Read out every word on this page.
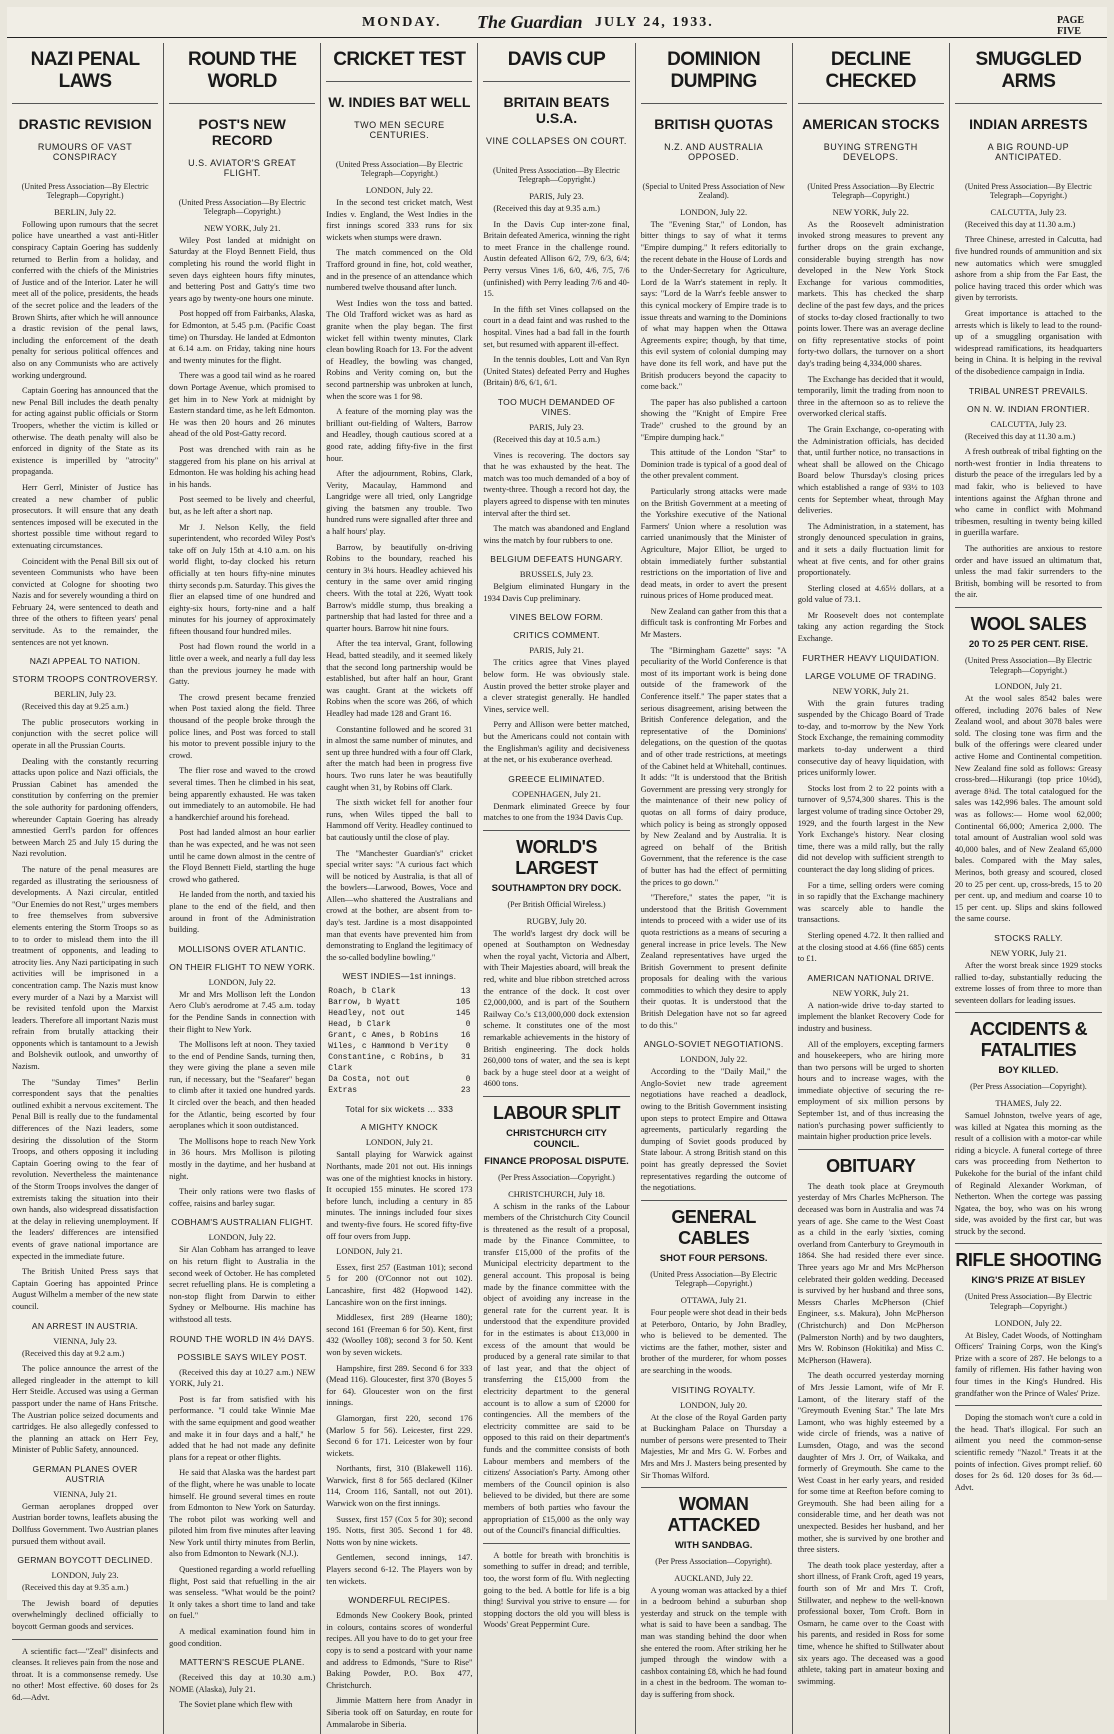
MONDAY. The Guardian JULY 24, 1933.	PAGE FIVE
NAZI PENAL LAWS
DRASTIC REVISION
RUMOURS OF VAST CONSPIRACY
(United Press Association—By Electric Telegraph—Copyright.)
BERLIN, July 22.

Following upon rumours that the secret police have unearthed a vast anti-Hitler conspiracy Captain Goering has suddenly returned to Berlin from a holiday, and conferred with the chiefs of the Ministries of Justice and of the Interior. Later he will meet all of the police, presidents, the heads of the secret police and the leaders of the Brown Shirts, after which he will announce a drastic revision of the penal laws, including the enforcement of the death penalty for serious political offences and also on any Communists who are actively working underground.

Captain Goering has announced that the new Penal Bill includes the death penalty for acting against public officials or Storm Troopers, whether the victim is killed or otherwise. The death penalty will also be enforced in dignity of the State as its existence is imperilled by "atrocity" propaganda.

Herr Gerrl, Minister of Justice has created a new chamber of public prosecutors. It will ensure that any death sentences imposed will be executed in the shortest possible time without regard to extenuating circumstances.

Coincident with the Penal Bill six out of seventeen Communists who have been convicted at Cologne for shooting two Nazis and for severely wounding a third on February 24, were sentenced to death and three of the others to fifteen years' penal servitude. As to the remainder, the sentences are not yet known.

NAZI APPEAL TO NATION.
STORM TROOPS CONTROVERSY.
BERLIN, July 23.

(Received this day at 9.25 a.m.)

The public prosecutors working in conjunction with the secret police will operate in all the Prussian Courts.

Dealing with the constantly recurring attacks upon police and Nazi officials, the Prussian Cabinet has amended the constitution by conferring on the premier the sole authority for pardoning offenders, whereunder Captain Goering has already amnestied Gerrl's pardon for offences between March 25 and July 15 during the Nazi revolution.

The nature of the penal measures are regarded as illustrating the seriousness of developments. A Nazi circular, entitled "Our Enemies do not Rest," urges members to free themselves from subversive elements entering the Storm Troops so as to to order to mislead them into the ill treatment of opponents, and leading to atrocity lies. Any Nazi participating in such activities will be imprisoned in a concentration camp. The Nazis must know every murder of a Nazi by a Marxist will be revisited tenfold upon the Marxist leaders. Therefore all important Nazis must refrain from brutally attacking their opponents which is tantamount to a Jewish and Bolshevik outlook, and unworthy of Nazism.

The "Sunday Times" Berlin correspondent says that the penalties outlined exhibit a nervous excitement. The Penal Bill is really due to the fundamental differences of the Nazi leaders, some desiring the dissolution of the Storm Troops, and others opposing it including Captain Goering owing to the fear of revolution. Nevertheless the maintenance of the Storm Troops involves the danger of extremists taking the situation into their own hands, also widespread dissatisfaction at the delay in relieving unemployment. If the leaders' differences are intensified events of grave national importance are expected in the immediate future.

The British United Press says that Captain Goering has appointed Prince August Wilhelm a member of the new state council.

AN ARREST IN AUSTRIA.
VIENNA, July 23.

(Received this day at 9.2 a.m.)

The police announce the arrest of the alleged ringleader in the attempt to kill Herr Steidle. Accused was using a German passport under the name of Hans Fritsche. The Austrian police seized documents and cartridges. He also allegedly confessed to the planning an attack on Herr Fey, Minister of Public Safety, announced.

GERMAN PLANES OVER AUSTRIA
VIENNA, July 21.

German aeroplanes dropped over Austrian border towns, leaflets abusing the Dollfuss Government. Two Austrian planes pursued them without avail.

GERMAN BOYCOTT DECLINED.
LONDON, July 23.

(Received this day at 9.35 a.m.)

The Jewish board of deputies overwhelmingly declined officially to boycott German goods and services.

A scientific fact—"Zeal" disinfects and cleanses. It relieves pain from the nose and throat. It is a commonsense remedy. Use no other! Most effective. 60 doses for 2s 6d.—Advt.

ROUND THE WORLD
POST'S NEW RECORD
U.S. AVIATOR'S GREAT FLIGHT.
(United Press Association—By Electric Telegraph—Copyright.)
NEW YORK, July 21.

Wiley Post landed at midnight on Saturday at the Floyd Bennett Field, thus completing his round the world flight in seven days eighteen hours fifty minutes, and bettering Post and Gatty's time two years ago by twenty-one hours one minute.

Post hopped off from Fairbanks, Alaska, for Edmonton, at 5.45 p.m. (Pacific Coast time) on Thursday. He landed at Edmonton at 6.14 a.m. on Friday, taking nine hours and twenty minutes for the flight.

There was a good tail wind as he roared down Portage Avenue, which promised to get him in to New York at midnight by Eastern standard time, as he left Edmonton. He was then 20 hours and 26 minutes ahead of the old Post-Gatty record.

Post was drenched with rain as he staggered from his plane on his arrival at Edmonton. He was holding his aching head in his hands.

Post seemed to be lively and cheerful, but, as he left after a short nap.

Mr J. Nelson Kelly, the field superintendent, who recorded Wiley Post's take off on July 15th at 4.10 a.m. on his world flight, to-day clocked his return officially at ten hours fifty-nine minutes thirty seconds p.m. Saturday. This gives the flier an elapsed time of one hundred and eighty-six hours, forty-nine and a half minutes for his journey of approximately fifteen thousand four hundred miles.

Post had flown round the world in a little over a week, and nearly a full day less than the previous journey he made with Gatty.

The crowd present became frenzied when Post taxied along the field. Three thousand of the people broke through the police lines, and Post was forced to stall his motor to prevent possible injury to the crowd.

The flier rose and waved to the crowd several times. Then he climbed in his seat, being apparently exhausted. He was taken out immediately to an automobile. He had a handkerchief around his forehead.

Post had landed almost an hour earlier than he was expected, and he was not seen until he came down almost in the centre of the Floyd Bennett Field, startling the huge crowd who gathered.

He landed from the north, and taxied his plane to the end of the field, and then around in front of the Administration building.

MOLLISONS OVER ATLANTIC.
ON THEIR FLIGHT TO NEW YORK.
LONDON, July 22.

Mr and Mrs Mollison left the London Aero Club's aerodrome at 7.45 a.m. today for the Pendine Sands in connection with their flight to New York.

The Mollisons left at noon. They taxied to the end of Pendine Sands, turning then, they were giving the plane a seven mile run, if necessary, but the "Seafarer" began to climb after it taxied one hundred yards. It circled over the beach, and then headed for the Atlantic, being escorted by four aeroplanes which it soon outdistanced.

The Mollisons hope to reach New York in 36 hours. Mrs Mollison is piloting mostly in the daytime, and her husband at night.

Their only rations were two flasks of coffee, raisins and barley sugar.

COBHAM'S AUSTRALIAN FLIGHT.
LONDON, July 22.

Sir Alan Cobham has arranged to leave on his return flight to Australia in the second week of October. He has completed secret refuelling plans. He is completing a non-stop flight from Darwin to either Sydney or Melbourne. His machine has withstood all tests.

ROUND THE WORLD IN 4½ DAYS.
POSSIBLE SAYS WILEY POST.

(Received this day at 10.27 a.m.) NEW YORK, July 21.

Post is far from satisfied with his performance. "I could take Winnie Mae with the same equipment and good weather and make it in four days and a half," he added that he had not made any definite plans for a repeat or other flights.

He said that Alaska was the hardest part of the flight, where he was unable to locate himself. He ground several times en route from Edmonton to New York on Saturday. The robot pilot was working well and piloted him from five minutes after leaving New York until thirty minutes from Berlin, also from Edmonton to Newark (N.J.).

Questioned regarding a world refuelling flight, Post said that refuelling in the air was senseless. "What would be the point? It only takes a short time to land and take on fuel."

A medical examination found him in good condition.

MATTERN'S RESCUE PLANE.

(Received this day at 10.30 a.m.) NOME (Alaska), July 21.

The Soviet plane which flew with

CRICKET TEST
W. INDIES BAT WELL
TWO MEN SECURE CENTURIES.
(United Press Association—By Electric Telegraph—Copyright.)
LONDON, July 22.

In the second test cricket match, West Indies v. England, the West Indies in the first innings scored 333 runs for six wickets when stumps were drawn.

The match commenced on the Old Trafford ground in fine, hot, cold weather, and in the presence of an attendance which numbered twelve thousand after lunch.

West Indies won the toss and batted. The Old Trafford wicket was as hard as granite when the play began. The first wicket fell within twenty minutes, Clark clean bowling Roach for 13. For the advent of Headley, the bowling was changed, Robins and Verity coming on, but the second partnership was unbroken at lunch, when the score was 1 for 98.

A feature of the morning play was the brilliant out-fielding of Walters, Barrow and Headley, though cautious scored at a good rate, adding fifty-five in the first hour.

After the adjournment, Robins, Clark, Verity, Macaulay, Hammond and Langridge were all tried, only Langridge giving the batsmen any trouble. Two hundred runs were signalled after three and a half hours' play.

Barrow, by beautifully on-driving Robins to the boundary, reached his century in 3¼ hours. Headley achieved his century in the same over amid ringing cheers. With the total at 226, Wyatt took Barrow's middle stump, thus breaking a partnership that had lasted for three and a quarter hours. Barrow hit nine fours.

After the tea interval, Grant, following Head, batted steadily, and it seemed likely that the second long partnership would be established, but after half an hour, Grant was caught. Grant at the wickets off Robins when the score was 266, of which Headley had made 128 and Grant 16.

Constantine followed and he scored 31 in almost the same number of minutes, and sent up three hundred with a four off Clark, after the match had been in progress five hours. Two runs later he was beautifully caught when 31, by Robins off Clark.

The sixth wicket fell for another four runs, when Wiles tipped the ball to Hammond off Verity. Headley continued to bat cautiously until the close of play.

The "Manchester Guardian's" cricket special writer says: "A curious fact which will be noticed by Australia, is that all of the bowlers—Larwood, Bowes, Voce and Allen—who shattered the Australians and crowd at the bother, are absent from to-day's test. Jardine is a most disappointed man that events have prevented him from demonstrating to England the legitimacy of the so-called bodyline bowling."

WEST INDIES—1st innings.
Roach, b Clark	13
Barrow, b Wyatt	105
Headley, not out	145
Head, b Clark	0
Grant, c Ames, b Robins	16
Wiles, c Hammond b Verity 0
Constantine, c Robins, b Clark
31
Da Costa, not out	0
Extras	23
Total for six wickets ... 333
A MIGHTY KNOCK
LONDON, July 21.

Santall playing for Warwick against Northants, made 201 not out. His innings was one of the mightiest knocks in history. It occupied 155 minutes. He scored 173 before lunch, including a century in 85 minutes. The innings included four sixes and twenty-five fours. He scored fifty-five off four overs from Jupp.

LONDON, July 21.

Essex, first 257 (Eastman 101); second 5 for 200 (O'Connor not out 102). Lancashire, first 482 (Hopwood 142). Lancashire won on the first innings.

Middlesex, first 289 (Hearne 180); second 161 (Freeman 6 for 50). Kent, first 432 (Woolley 108); second 3 for 50. Kent won by seven wickets.

Hampshire, first 289. Second 6 for 333 (Mead 116). Gloucester, first 370 (Boyes 5 for 64). Gloucester won on the first innings.

Glamorgan, first 220, second 176 (Marlow 5 for 56). Leicester, first 229. Second 6 for 171. Leicester won by four wickets.

Northants, first, 310 (Blakewell 116). Warwick, first 8 for 565 declared (Kilner 114, Croom 116, Santall, not out 201). Warwick won on the first innings.

Sussex, first 157 (Cox 5 for 30); second 195. Notts, first 305. Second 1 for 48. Notts won by nine wickets.

Gentlemen, second innings, 147. Players second 6-12. The Players won by ten wickets.

WONDERFUL RECIPES.

Edmonds New Cookery Book, printed in colours, contains scores of wonderful recipes. All you have to do to get your free copy is to send a postcard with your name and address to Edmonds, "Sure to Rise" Baking Powder, P.O. Box 477, Christchurch.

Jimmie Mattern here from Anadyr in Siberia took off on Saturday, en route for Ammalarobe in Siberia.

DAVIS CUP
BRITAIN BEATS U.S.A.
VINE COLLAPSES ON COURT.
(United Press Association—By Electric Telegraph—Copyright.)
PARIS, July 23.

(Received this day at 9.35 a.m.)

In the Davis Cup inter-zone final, Britain defeated America, winning the right to meet France in the challenge round. Austin defeated Allison 6/2, 7/9, 6/3, 6/4; Perry versus Vines 1/6, 6/0, 4/6, 7/5, 7/6 (unfinished) with Perry leading 7/6 and 40-15.

In the fifth set Vines collapsed on the court in a dead faint and was rushed to the hospital. Vines had a bad fall in the fourth set, but resumed with apparent ill-effect.

In the tennis doubles, Lott and Van Ryn (United States) defeated Perry and Hughes (Britain) 8/6, 6/1, 6/1.

TOO MUCH DEMANDED OF VINES.
PARIS, July 23.

(Received this day at 10.5 a.m.)

Vines is recovering. The doctors say that he was exhausted by the heat. The match was too much demanded of a boy of twenty-three. Though a record hot day, the players agreed to dispense with ten minutes interval after the third set.

The match was abandoned and England wins the match by four rubbers to one.

BELGIUM DEFEATS HUNGARY.
BRUSSELS, July 23.

Belgium eliminated Hungary in the 1934 Davis Cup preliminary.

VINES BELOW FORM.
CRITICS COMMENT.
PARIS, July 21.

The critics agree that Vines played below form. He was obviously stale. Austin proved the better stroke player and a clever strategist generally. He handled Vines, service well.

Perry and Allison were better matched, but the Americans could not contain with the Englishman's agility and decisiveness at the net, or his exuberance overhead.

GREECE ELIMINATED.
COPENHAGEN, July 21.

Denmark eliminated Greece by four matches to one from the 1934 Davis Cup.

WORLD'S LARGEST
SOUTHAMPTON DRY DOCK.
(Per British Official Wireless.)
RUGBY, July 20.

The world's largest dry dock will be opened at Southampton on Wednesday when the royal yacht, Victoria and Albert, with Their Majesties aboard, will break the red, white and blue ribbon stretched across the entrance of the dock. It cost over £2,000,000, and is part of the Southern Railway Co.'s £13,000,000 dock extension scheme. It constitutes one of the most remarkable achievements in the history of British engineering. The dock holds 260,000 tons of water, and the sea is kept back by a huge steel door at a weight of 4600 tons.

LABOUR SPLIT
CHRISTCHURCH CITY COUNCIL.
FINANCE PROPOSAL DISPUTE.
(Per Press Association—Copyright.)
CHRISTCHURCH, July 18.

A schism in the ranks of the Labour members of the Christchurch City Council is threatened as the result of a proposal, made by the Finance Committee, to transfer £15,000 of the profits of the Municipal electricity department to the general account. This proposal is being made by the finance committee with the object of avoiding any increase in the general rate for the current year. It is understood that the expenditure provided for in the estimates is about £13,000 in excess of the amount that would be produced by a general rate similar to that of last year, and that the object of transferring the £15,000 from the electricity department to the general account is to allow a sum of £2000 for contingencies. All the members of the electricity committee are said to be opposed to this raid on their department's funds and the committee consists of both Labour members and members of the citizens' Association's Party. Among other members of the Council opinion is also believed to be divided, but there are some members of both parties who favour the appropriation of £15,000 as the only way out of the Council's financial difficulties.

A bottle for breath with bronchitis is something to suffer in dread; and terrible, too, the worst form of flu. With neglecting going to the bed. A bottle for life is a big thing! Survival you strive to ensure — for stopping doctors the old you will bless is Woods' Great Peppermint Cure.

DOMINION DUMPING
BRITISH QUOTAS
N.Z. AND AUSTRALIA OPPOSED.
(Special to United Press Association of New Zealand).
LONDON, July 22.

The "Evening Star," of London, has bitter things to say of what it terms "Empire dumping." It refers editorially to the recent debate in the House of Lords and to the Under-Secretary for Agriculture, Lord de la Warr's statement in reply. It says: "Lord de la Warr's feeble answer to this cynical mockery of Empire trade is to issue threats and warning to the Dominions of what may happen when the Ottawa Agreements expire; though, by that time, this evil system of colonial dumping may have done its fell work, and have put the British producers beyond the capacity to come back."

The paper has also published a cartoon showing the "Knight of Empire Free Trade" crushed to the ground by an "Empire dumping hack."

This attitude of the London "Star" to Dominion trade is typical of a good deal of the other prevalent comment.

Particularly strong attacks were made on the British Government at a meeting of the Yorkshire executive of the National Farmers' Union where a resolution was carried unanimously that the Minister of Agriculture, Major Elliot, be urged to obtain immediately further substantial restrictions on the importation of live and dead meats, in order to avert the present ruinous prices of Home produced meat.

New Zealand can gather from this that a difficult task is confronting Mr Forbes and Mr Masters.

The "Birmingham Gazette" says: "A peculiarity of the World Conference is that most of its important work is being done outside of the framework of the Conference itself." The paper states that a serious disagreement, arising between the British Conference delegation, and the representative of the Dominions' delegations, on the question of the quotas and of other trade restrictions, at meetings of the Cabinet held at Whitehall, continues. It adds: "It is understood that the British Government are pressing very strongly for the maintenance of their new policy of quotas on all forms of dairy produce, which policy is being as strongly opposed by New Zealand and by Australia. It is agreed on behalf of the British Government, that the reference is the case of butter has had the effect of permitting the prices to go down."

"Therefore," states the paper, "it is understood that the British Government intends to proceed with a wider use of its quota restrictions as a means of securing a general increase in price levels. The New Zealand representatives have urged the British Government to present definite proposals for dealing with the various commodities to which they desire to apply their quotas. It is understood that the British Delegation have not so far agreed to do this."

ANGLO-SOVIET NEGOTIATIONS.
LONDON, July 22.

According to the "Daily Mail," the Anglo-Soviet new trade agreement negotiations have reached a deadlock, owing to the British Government insisting upon steps to protect Empire and Ottawa agreements, particularly regarding the dumping of Soviet goods produced by State labour. A strong British stand on this point has greatly depressed the Soviet representatives regarding the outcome of the negotiations.

GENERAL CABLES
SHOT FOUR PERSONS.
(United Press Association—By Electric Telegraph—Copyright.)
OTTAWA, July 21.

Four people were shot dead in their beds at Peterboro, Ontario, by John Bradley, who is believed to be demented. The victims are the father, mother, sister and brother of the murderer, for whom posses are searching in the woods.

VISITING ROYALTY.
LONDON, July 20.

At the close of the Royal Garden party at Buckingham Palace on Thursday a number of persons were presented to Their Majesties, Mr and Mrs G. W. Forbes and Mrs and Mrs J. Masters being presented by Sir Thomas Wilford.

WOMAN ATTACKED
WITH SANDBAG.
(Per Press Association—Copyright).
AUCKLAND, July 22.

A young woman was attacked by a thief in a bedroom behind a suburban shop yesterday and struck on the temple with what is said to have been a sandbag. The man was standing behind the door when she entered the room. After striking her he jumped through the window with a cashbox containing £8, which he had found in a chest in the bedroom. The woman to-day is suffering from shock.

DECLINE CHECKED
AMERICAN STOCKS
BUYING STRENGTH DEVELOPS.
(United Press Association—By Electric Telegraph—Copyright.)
NEW YORK, July 22.

As the Roosevelt administration invoked strong measures to prevent any further drops on the grain exchange, considerable buying strength has now developed in the New York Stock Exchange for various commodities, markets. This has checked the sharp decline of the past few days, and the prices of stocks to-day closed fractionally to two points lower. There was an average decline on fifty representative stocks of point forty-two dollars, the turnover on a short day's trading being 4,334,000 shares.

The Exchange has decided that it would, temporarily, limit the trading from noon to three in the afternoon so as to relieve the overworked clerical staffs.

The Grain Exchange, co-operating with the Administration officials, has decided that, until further notice, no transactions in wheat shall be allowed on the Chicago Board below Thursday's closing prices which established a range of 93½ to 103 cents for September wheat, through May deliveries.

The Administration, in a statement, has strongly denounced speculation in grains, and it sets a daily fluctuation limit for wheat at five cents, and for other grains proportionately.

Sterling closed at 4.65½ dollars, at a gold value of 73.1.

Mr Roosevelt does not contemplate taking any action regarding the Stock Exchange.

FURTHER HEAVY LIQUIDATION.
LARGE VOLUME OF TRADING.
NEW YORK, July 21.

With the grain futures trading suspended by the Chicago Board of Trade to-day, and to-morrow by the New York Stock Exchange, the remaining commodity markets to-day underwent a third consecutive day of heavy liquidation, with prices uniformly lower.

Stocks lost from 2 to 22 points with a turnover of 9,574,300 shares. This is the largest volume of trading since October 29, 1929, and the fourth largest in the New York Exchange's history. Near closing time, there was a mild rally, but the rally did not develop with sufficient strength to counteract the day long sliding of prices.

For a time, selling orders were coming in so rapidly that the Exchange machinery was scarcely able to handle the transactions.

Sterling opened 4.72. It then rallied and at the closing stood at 4.66 (fine 685) cents to £1.

AMERICAN NATIONAL DRIVE.
NEW YORK, July 21.

A nation-wide drive to-day started to implement the blanket Recovery Code for industry and business.

All of the employers, excepting farmers and housekeepers, who are hiring more than two persons will be urged to shorten hours and to increase wages, with the immediate objective of securing the re-employment of six million persons by September 1st, and of thus increasing the nation's purchasing power sufficiently to maintain higher production price levels.

OBITUARY

The death took place at Greymouth yesterday of Mrs Charles McPherson. The deceased was born in Australia and was 74 years of age. She came to the West Coast as a child in the early 'sixties, coming overland from Canterbury to Greymouth in 1864. She had resided there ever since. Three years ago Mr and Mrs McPherson celebrated their golden wedding. Deceased is survived by her husband and three sons, Messrs Charles McPherson (Chief Engineer, s.s. Makura), John McPherson (Christchurch) and Don McPherson (Palmerston North) and by two daughters, Mrs W. Robinson (Hokitika) and Miss C. McPherson (Hawera).

The death occurred yesterday morning of Mrs Jessie Lamont, wife of Mr F. Lamont, of the literary staff of the "Greymouth Evening Star." The late Mrs Lamont, who was highly esteemed by a wide circle of friends, was a native of Lumsden, Otago, and was the second daughter of Mrs J. Orr, of Waikaka, and formerly of Greymouth. She came to the West Coast in her early years, and resided for some time at Reefton before coming to Greymouth. She had been ailing for a considerable time, and her death was not unexpected. Besides her husband, and her mother, she is survived by one brother and three sisters.

The death took place yesterday, after a short illness, of Frank Croft, aged 19 years, fourth son of Mr and Mrs T. Croft, Stillwater, and nephew to the well-known professional boxer, Tom Croft. Born in Osmarn, he came over to the Coast with his parents, and resided in Ross for some time, whence he shifted to Stillwater about six years ago. The deceased was a good athlete, taking part in amateur boxing and swimming.

SMUGGLED ARMS
INDIAN ARRESTS
A BIG ROUND-UP ANTICIPATED.
(United Press Association—By Electric Telegraph—Copyright.)
CALCUTTA, July 23.

(Received this day at 11.30 a.m.)

Three Chinese, arrested in Calcutta, had five hundred rounds of ammunition and six new automatics which were smuggled ashore from a ship from the Far East, the police having traced this order which was given by terrorists.

Great importance is attached to the arrests which is likely to lead to the round-up of a smuggling organisation with widespread ramifications, its headquarters being in China. It is helping in the revival of the disobedience campaign in India.

TRIBAL UNREST PREVAILS.
ON N. W. INDIAN FRONTIER.
CALCUTTA, July 23.

(Received this day at 11.30 a.m.)

A fresh outbreak of tribal fighting on the north-west frontier in India threatens to disturb the peace of the irregulars led by a mad fakir, who is believed to have intentions against the Afghan throne and who came in conflict with Mohmand tribesmen, resulting in twenty being killed in guerilla warfare.

The authorities are anxious to restore order and have issued an ultimatum that, unless the mad fakir surrenders to the British, bombing will be resorted to from the air.

WOOL SALES
20 TO 25 PER CENT. RISE.
(United Press Association—By Electric Telegraph—Copyright.)
LONDON, July 21.

At the wool sales 8542 bales were offered, including 2076 bales of New Zealand wool, and about 3078 bales were sold. The closing tone was firm and the bulk of the offerings were cleared under active Home and Continental competition. New Zealand fine sold as follows: Greasy cross-bred—Hikurangi (top price 10½d), average 8¾d. The total catalogued for the sales was 142,996 bales. The amount sold was as follows:— Home wool 62,000; Continental 66,000; America 2,000. The total amount of Australian wool sold was 40,000 bales, and of New Zealand 65,000 bales. Compared with the May sales, Merinos, both greasy and scoured, closed 20 to 25 per cent. up, cross-breds, 15 to 20 per cent. up, and medium and coarse 10 to 15 per cent. up. Slips and skins followed the same course.

STOCKS RALLY.
NEW YORK, July 21.

After the worst break since 1929 stocks rallied to-day, substantially reducing the extreme losses of from three to more than seventeen dollars for leading issues.

ACCIDENTS & FATALITIES
BOY KILLED.
(Per Press Association—Copyright).
THAMES, July 22.

Samuel Johnston, twelve years of age, was killed at Ngatea this morning as the result of a collision with a motor-car while riding a bicycle. A funeral cortege of three cars was proceeding from Netherton to Pukekohe for the burial of the infant child of Reginald Alexander Workman, of Netherton. When the cortege was passing Ngatea, the boy, who was on his wrong side, was avoided by the first car, but was struck by the second.

RIFLE SHOOTING
KING'S PRIZE AT BISLEY
(United Press Association—By Electric Telegraph—Copyright.)
LONDON, July 22.

At Bisley, Cadet Woods, of Nottingham Officers' Training Corps, won the King's Prize with a score of 287. He belongs to a family of riflemen. His father having won four times in the King's Hundred. His grandfather won the Prince of Wales' Prize.

Doping the stomach won't cure a cold in the head. That's illogical. For such an ailment you need the common-sense scientific remedy "Nazol." Treats it at the points of infection. Gives prompt relief. 60 doses for 2s 6d. 120 doses for 3s 6d.—Advt.
